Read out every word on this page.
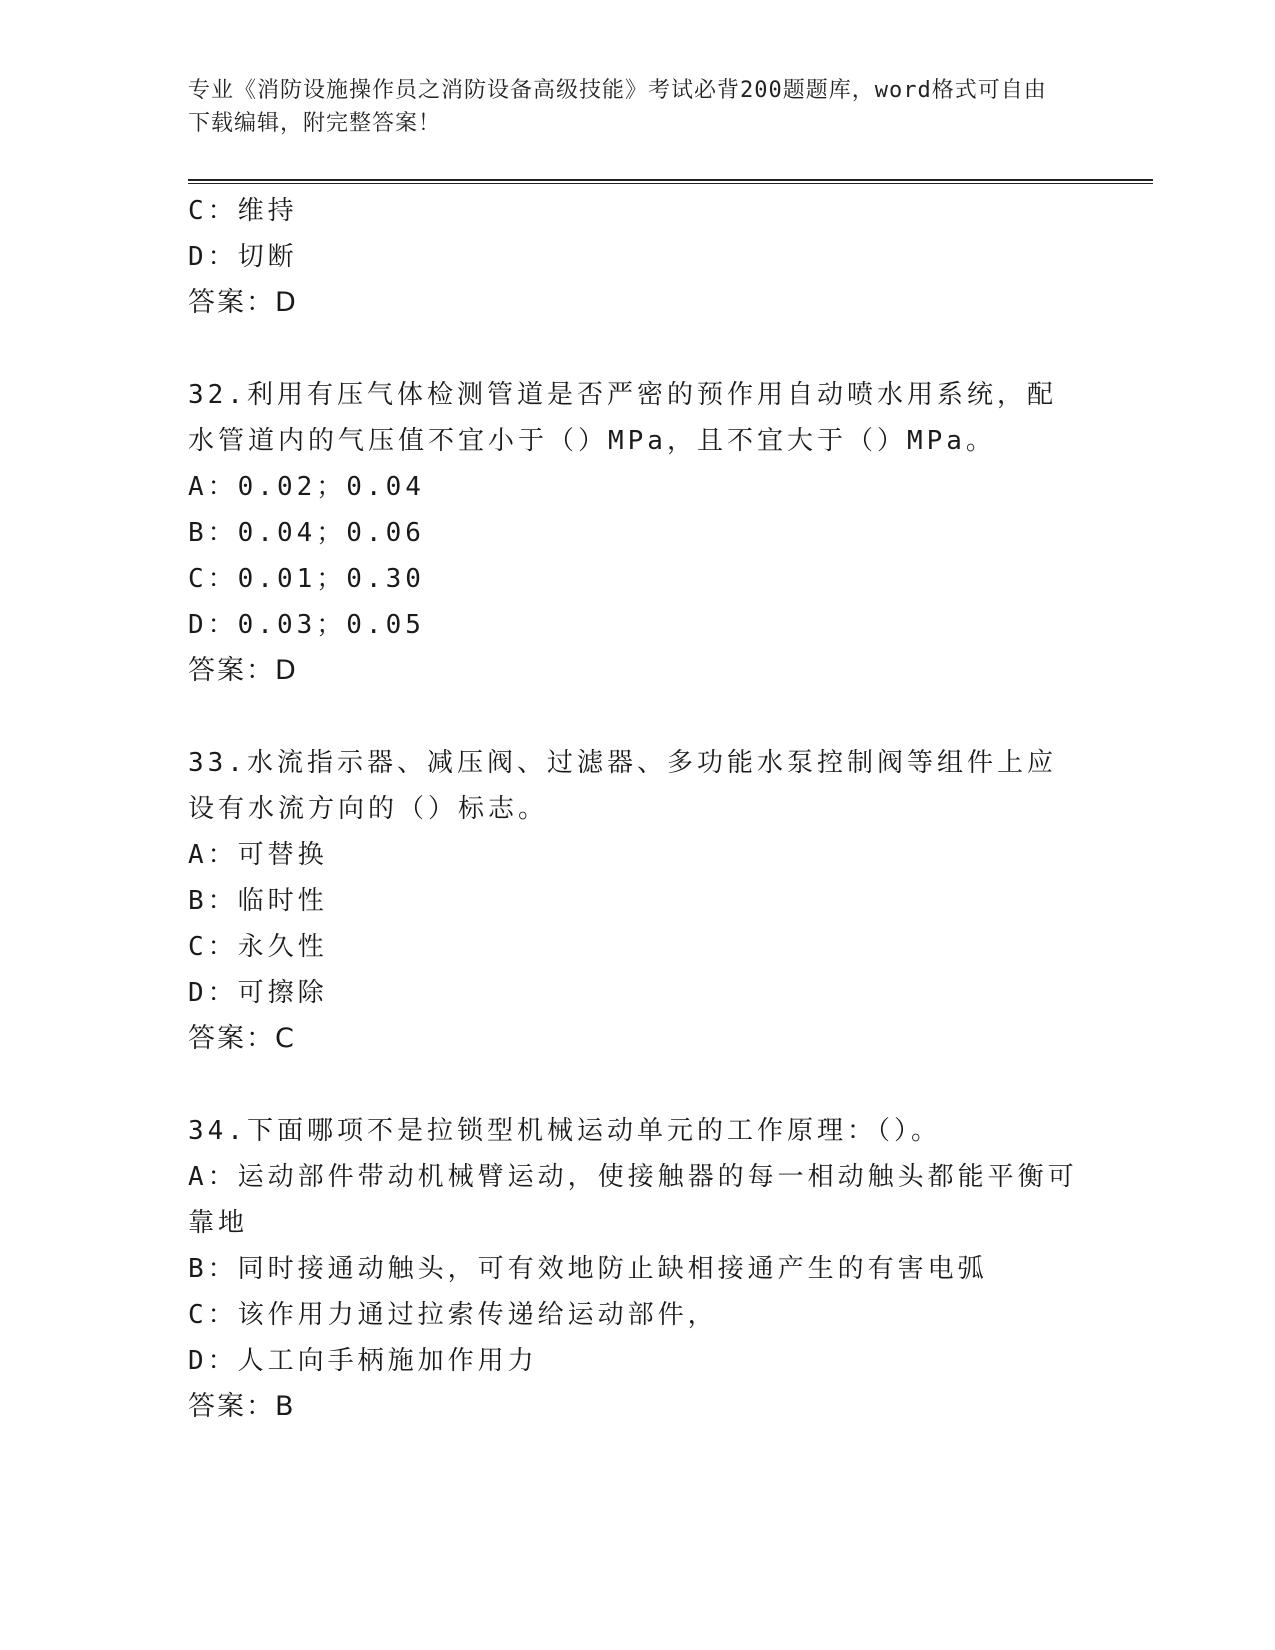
专业《消防设施操作员之消防设备高级技能》考试必背200题题库，word格式可自由下载编辑，附完整答案！
C：维持
D：切断
答案：D
32.利用有压气体检测管道是否严密的预作用自动喷水用系统，配水管道内的气压值不宜小于（）MPa，且不宜大于（）MPa。
A：0.02；0.04
B：0.04；0.06
C：0.01；0.30
D：0.03；0.05
答案：D
33.水流指示器、减压阀、过滤器、多功能水泵控制阀等组件上应设有水流方向的（）标志。
A：可替换
B：临时性
C：永久性
D：可擦除
答案：C
34.下面哪项不是拉锁型机械运动单元的工作原理：（）。
A：运动部件带动机械臂运动，使接触器的每一相动触头都能平衡可靠地
B：同时接通动触头，可有效地防止缺相接通产生的有害电弧
C：该作用力通过拉索传递给运动部件，
D：人工向手柄施加作用力
答案：B
